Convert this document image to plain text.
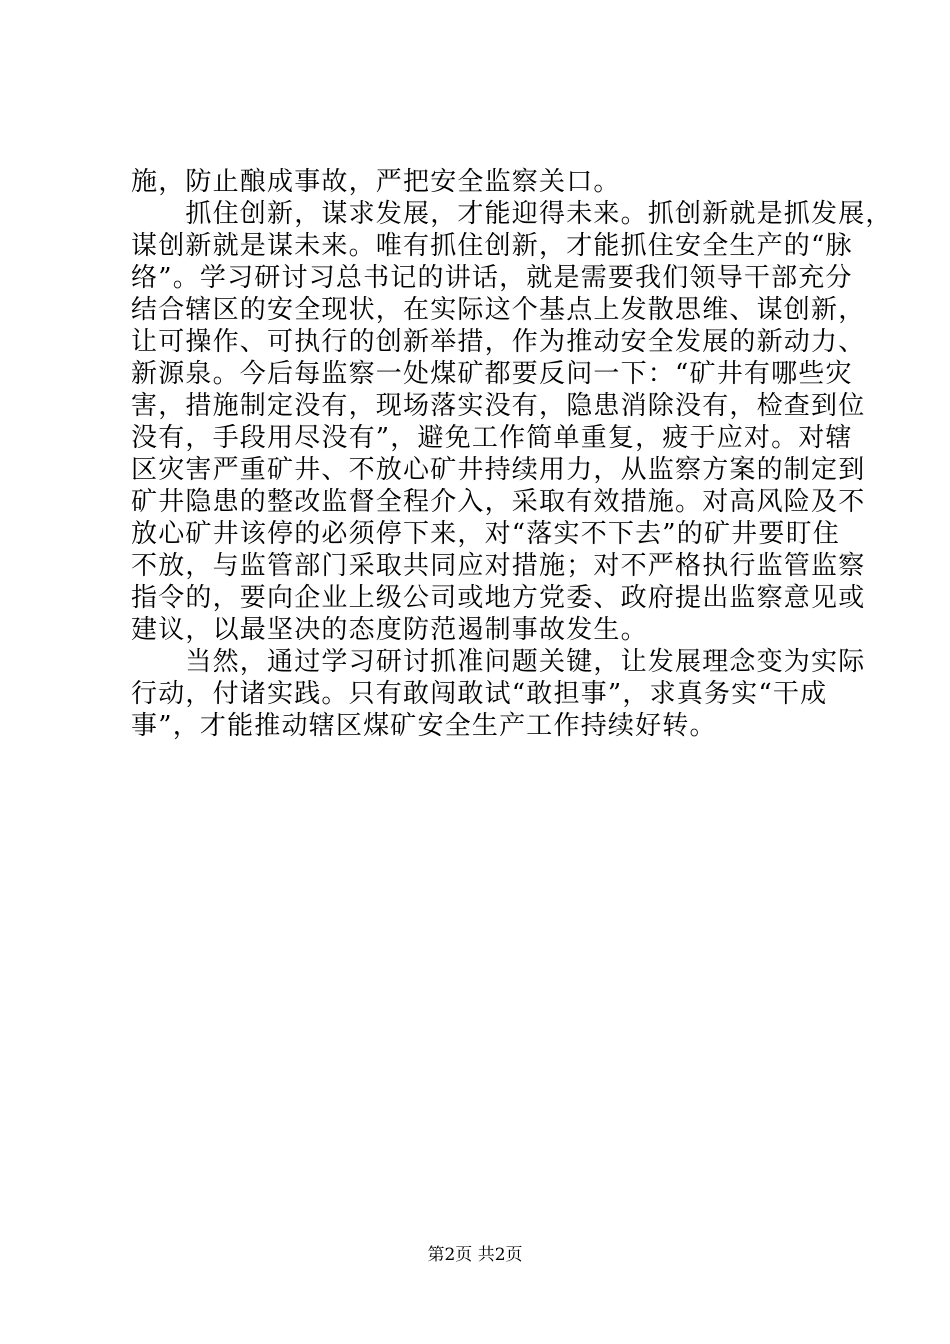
施，防止酿成事故，严把安全监察关口。
　　抓住创新，谋求发展，才能迎得未来。抓创新就是抓发展，
谋创新就是谋未来。唯有抓住创新，才能抓住安全生产的“脉
络”。学习研讨习总书记的讲话，就是需要我们领导干部充分
结合辖区的安全现状，在实际这个基点上发散思维、谋创新，
让可操作、可执行的创新举措，作为推动安全发展的新动力、
新源泉。今后每监察一处煤矿都要反问一下：“矿井有哪些灾
害，措施制定没有，现场落实没有，隐患消除没有，检查到位
没有，手段用尽没有”，避免工作简单重复，疲于应对。对辖
区灾害严重矿井、不放心矿井持续用力，从监察方案的制定到
矿井隐患的整改监督全程介入，采取有效措施。对高风险及不
放心矿井该停的必须停下来，对“落实不下去”的矿井要盯住
不放，与监管部门采取共同应对措施；对不严格执行监管监察
指令的，要向企业上级公司或地方党委、政府提出监察意见或
建议，以最坚决的态度防范遏制事故发生。
　　当然，通过学习研讨抓准问题关键，让发展理念变为实际
行动，付诸实践。只有敢闯敢试“敢担事”，求真务实“干成
事”，才能推动辖区煤矿安全生产工作持续好转。
第2页 共2页
